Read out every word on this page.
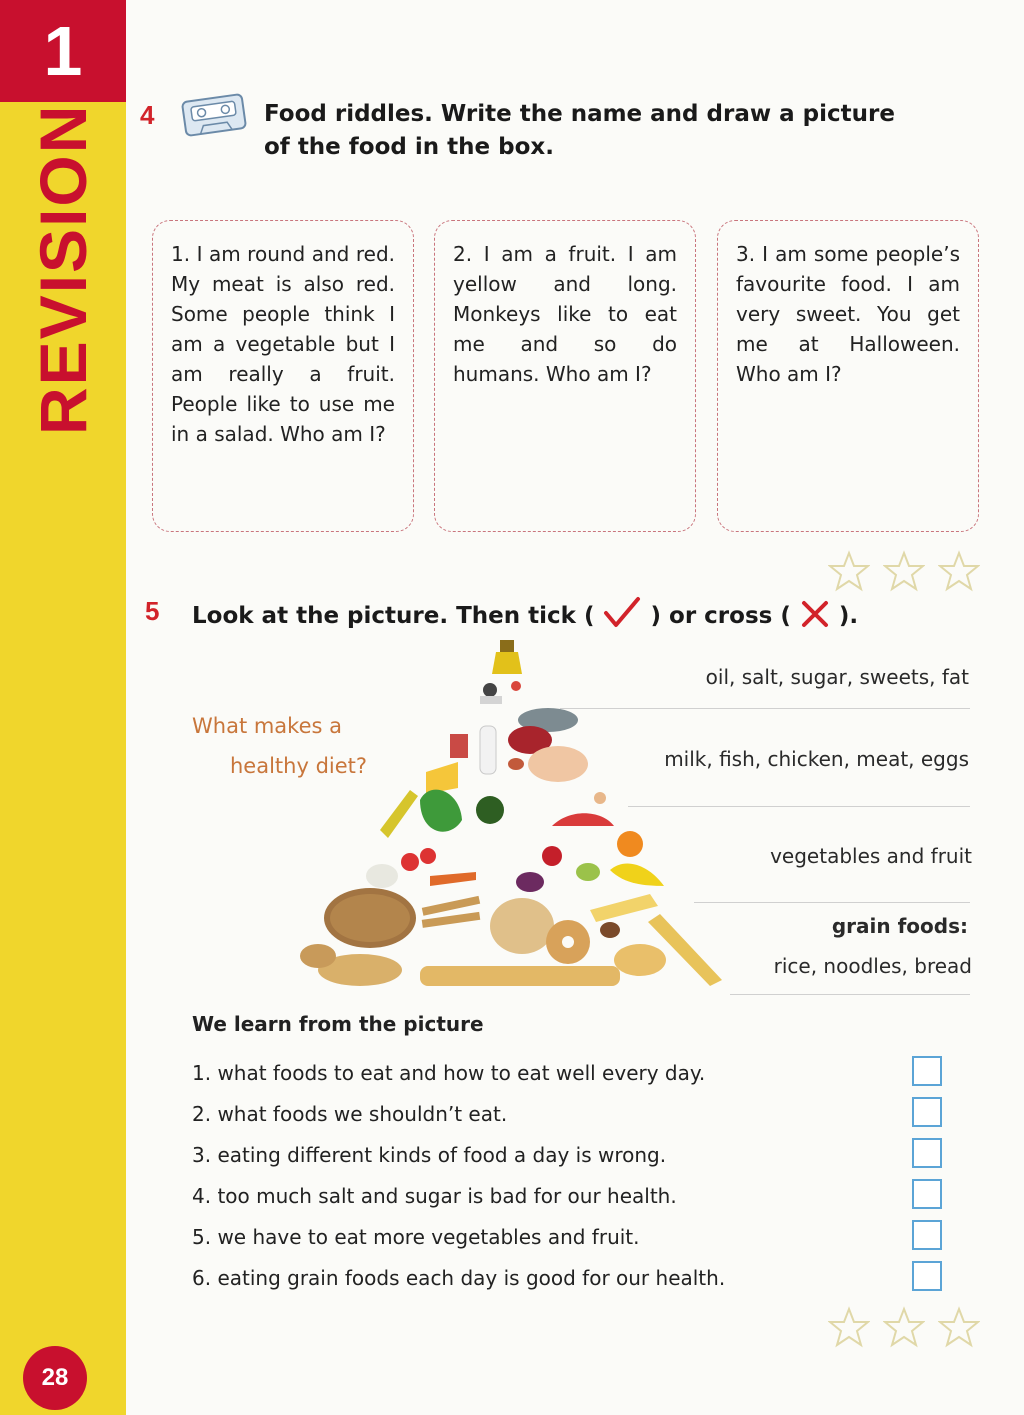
1
REVISION
28
4	Food riddles. Write the name and draw a picture
of the food in the box.
1. I am round and red. My meat is also red. Some people think I am a vegetable but I am really a fruit. People like to use me in a salad. Who am I?
2. I am a fruit. I am yellow and long. Monkeys like to eat me and so do humans. Who am I?
3. I am some people’s favourite food. I am very sweet. You get me at Halloween. Who am I?
5 Look at the picture. Then tick ( ) or cross ( ).
What makes a
healthy diet?
oil, salt, sugar, sweets, fat
milk, fish, chicken, meat, eggs
vegetables and fruit
grain foods:
rice, noodles, bread
We learn from the picture
1. what foods to eat and how to eat well every day.
2. what foods we shouldn’t eat.
3. eating different kinds of food a day is wrong.
4. too much salt and sugar is bad for our health.
5. we have to eat more vegetables and fruit.
6. eating grain foods each day is good for our health.
